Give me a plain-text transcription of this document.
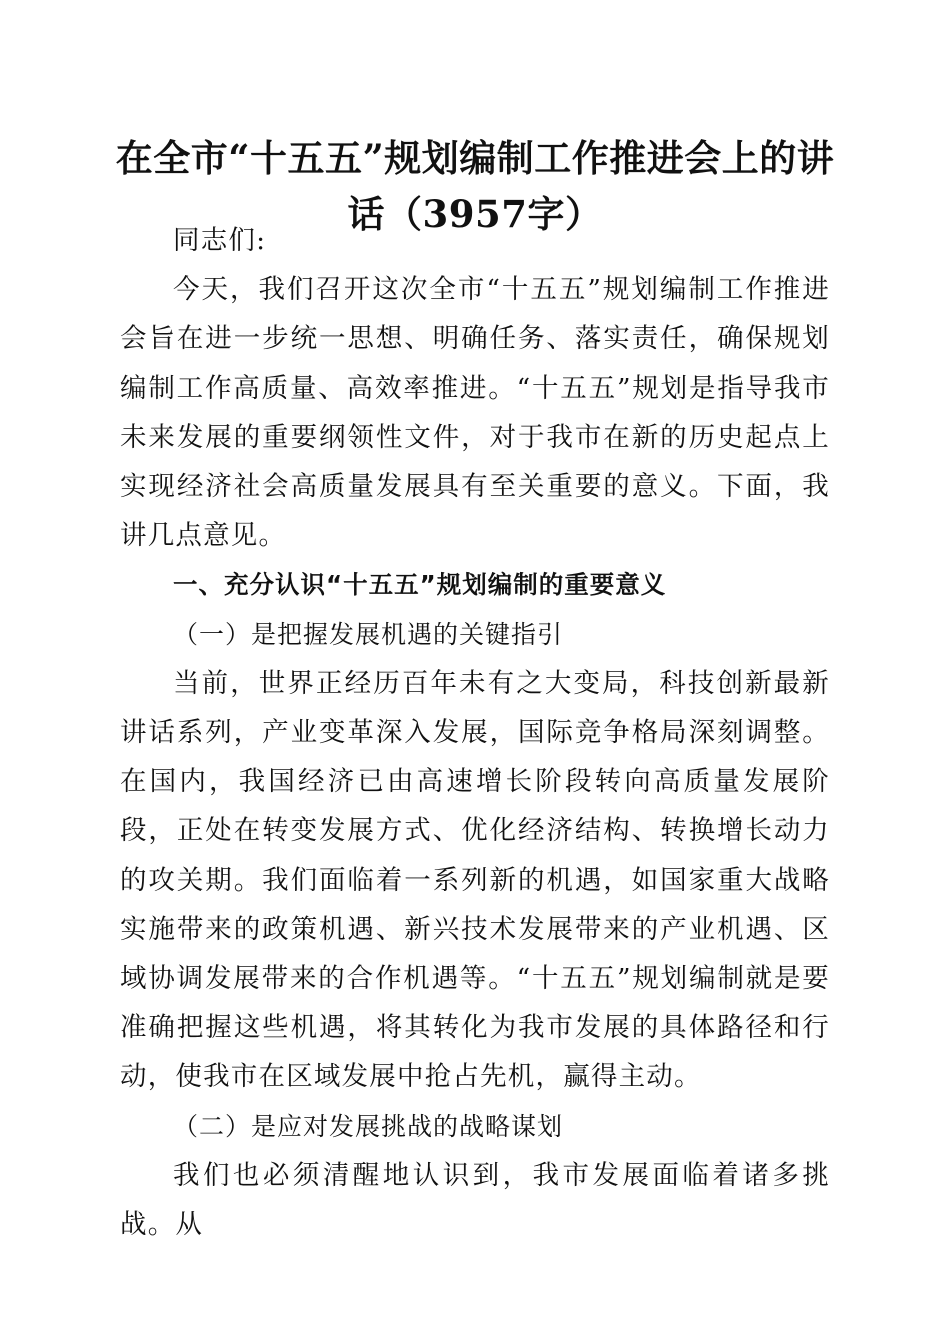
在全市“十五五”规划编制工作推进会上的讲
话（3957字）

同志们:

今天，我们召开这次全市“十五五”规划编制工作推进会旨在进一步统一思想、明确任务、落实责任，确保规划编制工作高质量、高效率推进。“十五五”规划是指导我市未来发展的重要纲领性文件，对于我市在新的历史起点上实现经济社会高质量发展具有至关重要的意义。下面，我讲几点意见。

一、充分认识“十五五”规划编制的重要意义

（一）是把握发展机遇的关键指引

当前，世界正经历百年未有之大变局，科技创新最新讲话系列，产业变革深入发展，国际竞争格局深刻调整。在国内，我国经济已由高速增长阶段转向高质量发展阶段，正处在转变发展方式、优化经济结构、转换增长动力的攻关期。我们面临着一系列新的机遇，如国家重大战略实施带来的政策机遇、新兴技术发展带来的产业机遇、区域协调发展带来的合作机遇等。“十五五”规划编制就是要准确把握这些机遇，将其转化为我市发展的具体路径和行动，使我市在区域发展中抢占先机，赢得主动。

（二）是应对发展挑战的战略谋划

我们也必须清醒地认识到，我市发展面临着诸多挑战。从
